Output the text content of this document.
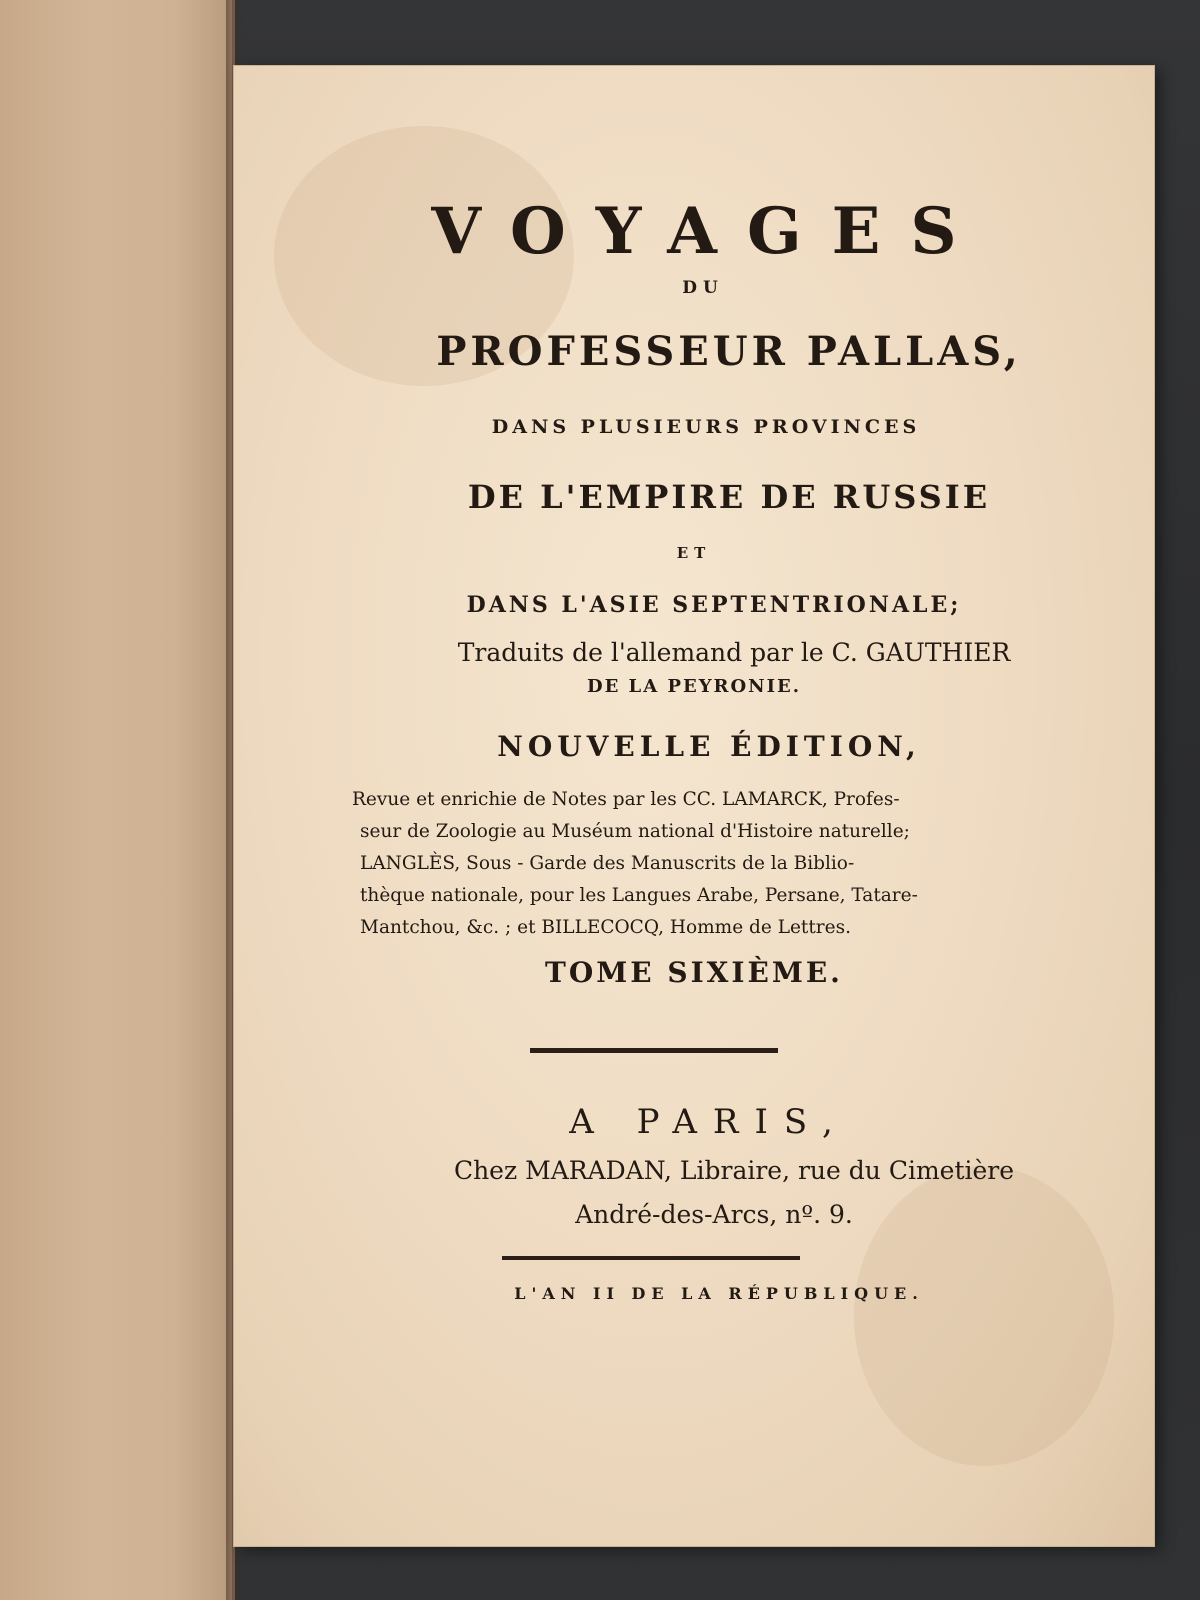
VOYAGES
DU
PROFESSEUR PALLAS,
DANS PLUSIEURS PROVINCES
DE L'EMPIRE DE RUSSIE
ET
DANS L'ASIE SEPTENTRIONALE;
Traduits de l'allemand par le C. GAUTHIER
DE LA PEYRONIE.
NOUVELLE ÉDITION,
Revue et enrichie de Notes par les CC. LAMARCK, Profes-
seur de Zoologie au Muséum national d'Histoire naturelle;
LANGLÈS, Sous - Garde des Manuscrits de la Biblio-
thèque nationale, pour les Langues Arabe, Persane, Tatare-
Mantchou, &c. ; et BILLECOCQ, Homme de Lettres.
TOME SIXIÈME.
A PARIS,
Chez MARADAN, Libraire, rue du Cimetière
André-des-Arcs, nº. 9.
L'AN II DE LA RÉPUBLIQUE.
